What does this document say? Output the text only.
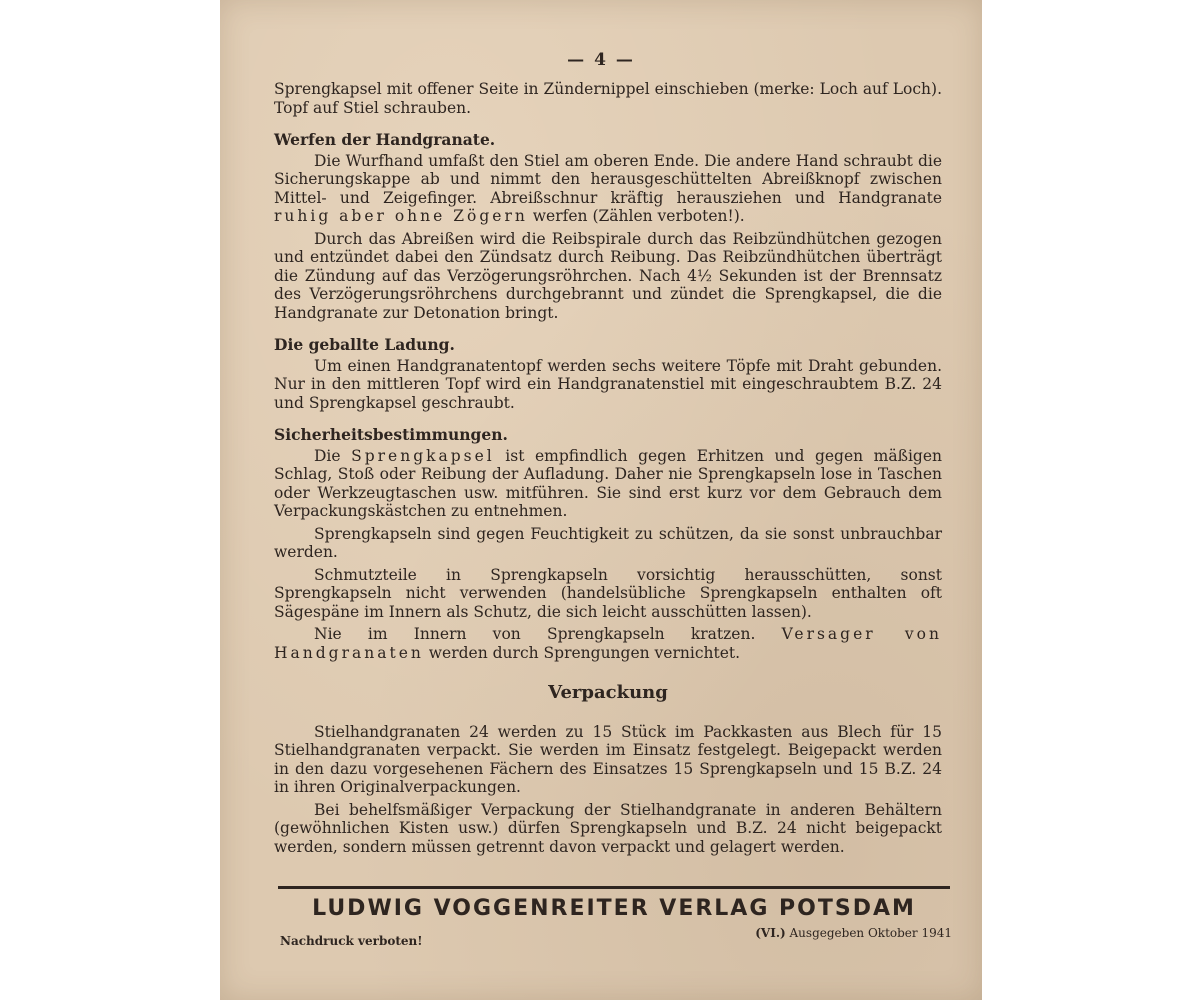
— 4 —

Sprengkapsel mit offener Seite in Zündernippel einschieben (merke: Loch auf Loch). Topf auf Stiel schrauben.

Werfen der Handgranate.

Die Wurfhand umfaßt den Stiel am oberen Ende. Die andere Hand schraubt die Sicherungskappe ab und nimmt den herausgeschüttelten Abreißknopf zwischen Mittel- und Zeigefinger. Abreißschnur kräftig herausziehen und Handgranate ruhig aber ohne Zögern werfen (Zählen verboten!).

Durch das Abreißen wird die Reibspirale durch das Reibzündhütchen gezogen und entzündet dabei den Zündsatz durch Reibung. Das Reibzündhütchen überträgt die Zündung auf das Verzögerungsröhrchen. Nach 4½ Sekunden ist der Brennsatz des Verzögerungsröhrchens durchgebrannt und zündet die Sprengkapsel, die die Handgranate zur Detonation bringt.

Die geballte Ladung.

Um einen Handgranatentopf werden sechs weitere Töpfe mit Draht gebunden. Nur in den mittleren Topf wird ein Handgranatenstiel mit eingeschraubtem B.Z. 24 und Sprengkapsel geschraubt.

Sicherheitsbestimmungen.

Die Sprengkapsel ist empfindlich gegen Erhitzen und gegen mäßigen Schlag, Stoß oder Reibung der Aufladung. Daher nie Sprengkapseln lose in Taschen oder Werkzeugtaschen usw. mitführen. Sie sind erst kurz vor dem Gebrauch dem Verpackungskästchen zu entnehmen.

Sprengkapseln sind gegen Feuchtigkeit zu schützen, da sie sonst unbrauchbar werden.

Schmutzteile in Sprengkapseln vorsichtig herausschütten, sonst Sprengkapseln nicht verwenden (handelsübliche Sprengkapseln enthalten oft Sägespäne im Innern als Schutz, die sich leicht ausschütten lassen).

Nie im Innern von Sprengkapseln kratzen. Versager von Handgranaten werden durch Sprengungen vernichtet.

Verpackung

Stielhandgranaten 24 werden zu 15 Stück im Packkasten aus Blech für 15 Stielhandgranaten verpackt. Sie werden im Einsatz festgelegt. Beigepackt werden in den dazu vorgesehenen Fächern des Einsatzes 15 Sprengkapseln und 15 B.Z. 24 in ihren Originalverpackungen.

Bei behelfsmäßiger Verpackung der Stielhandgranate in anderen Behältern (gewöhnlichen Kisten usw.) dürfen Sprengkapseln und B.Z. 24 nicht beigepackt werden, sondern müssen getrennt davon verpackt und gelagert werden.

LUDWIG VOGGENREITER VERLAG POTSDAM
Nachdruck verboten!
(VI.) Ausgegeben Oktober 1941
